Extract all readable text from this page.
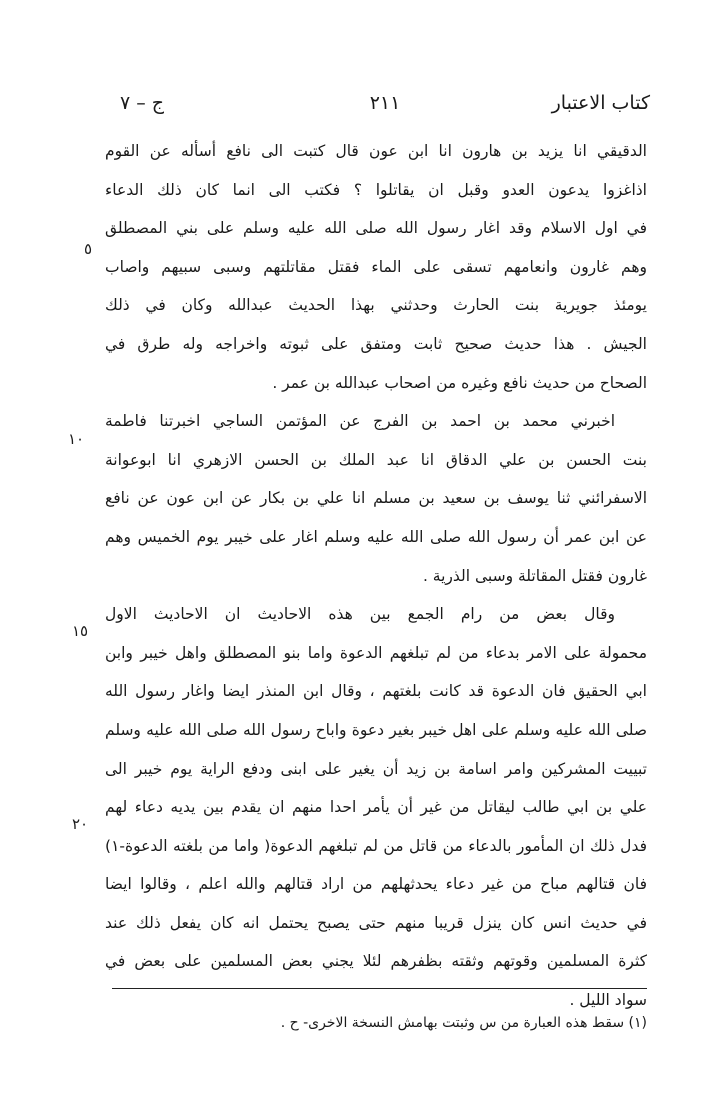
كتاب الاعتبار
٢١١
ج – ٧
الدقيقي انا يزيد بن هارون انا ابن عون قال كتبت الى نافع أسأله عن القوم
اذاغزوا يدعون العدو وقبل ان يقاتلوا ؟ فكتب الى انما كان ذلك الدعاء
في اول الاسلام وقد اغار رسول الله صلى الله عليه وسلم على بني المصطلق
وهم غارون وانعامهم تسقى على الماء فقتل مقاتلتهم وسبى سبيهم واصاب
يومئذ جويرية بنت الحارث وحدثني بهذا الحديث عبدالله وكان في ذلك
الجيش . هذا حديث صحيح ثابت ومتفق على ثبوته واخراجه وله طرق في
الصحاح من حديث نافع وغيره من اصحاب عبدالله بن عمر .
اخبرني محمد بن احمد بن الفرج عن المؤتمن الساجي اخبرتنا فاطمة
بنت الحسن بن علي الدقاق انا عبد الملك بن الحسن الازهري انا ابوعوانة
الاسفرائني ثنا يوسف بن سعيد بن مسلم انا علي بن بكار عن ابن عون عن نافع
عن ابن عمر أن رسول الله صلى الله عليه وسلم اغار على خيبر يوم الخميس وهم
غارون فقتل المقاتلة وسبى الذرية .
وقال بعض من رام الجمع بين هذه الاحاديث ان الاحاديث الاول
محمولة على الامر بدعاء من لم تبلغهم الدعوة واما بنو المصطلق واهل خيبر وابن
ابي الحقيق فان الدعوة قد كانت بلغتهم ، وقال ابن المنذر ايضا واغار رسول الله
صلى الله عليه وسلم على اهل خيبر بغير دعوة واباح رسول الله صلى الله عليه وسلم
تبييت المشركين وامر اسامة بن زيد أن يغير على ابنى ودفع الراية يوم خيبر الى
علي بن ابي طالب ليقاتل من غير أن يأمر احدا منهم ان يقدم بين يديه دعاء لهم
فدل ذلك ان المأمور بالدعاء من قاتل من لم تبلغهم الدعوة( واما من بلغته الدعوة-١)
فان قتالهم مباح من غير دعاء يحدثهلهم من اراد قتالهم والله اعلم ، وقالوا ايضا
في حديث انس كان ينزل قريبا منهم حتى يصبح يحتمل انه كان يفعل ذلك عند
كثرة المسلمين وقوتهم وثقته بظفرهم لئلا يجني بعض المسلمين على بعض في
سواد الليل .
٥
١٠
١٥
٢٠
(١) سقط هذه العبارة من س وثبتت بهامش النسخة الاخرى- ح .
